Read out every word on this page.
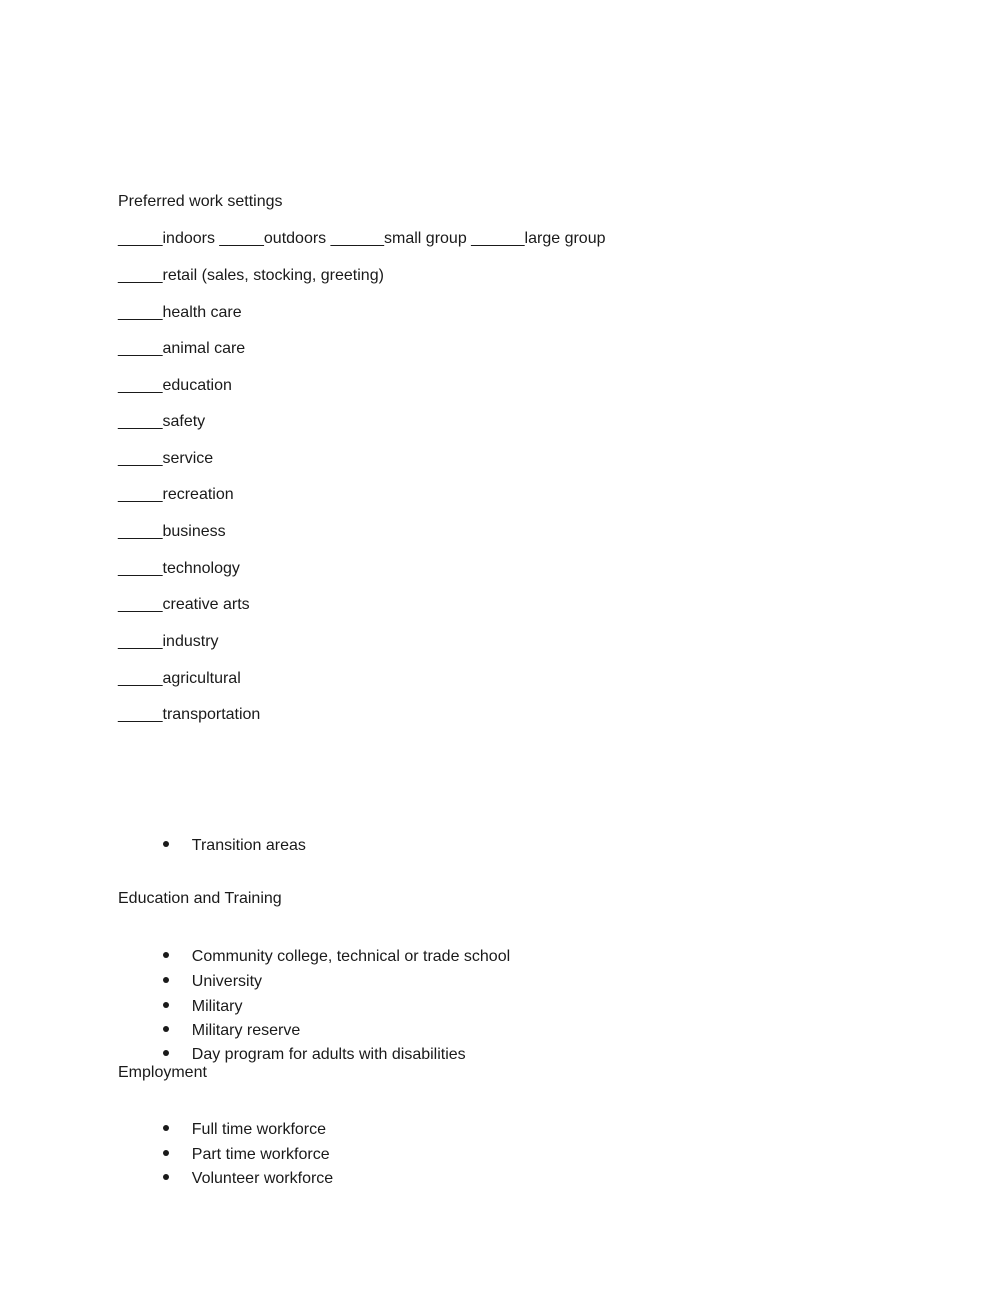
Preferred work settings
_____indoors _____outdoors ______small group ______large group
_____retail (sales, stocking, greeting)
_____health care
_____animal care
_____education
_____safety
_____service
_____recreation
_____business
_____technology
_____creative arts
_____industry
_____agricultural
_____transportation

Transition areas

Education and Training

Community college, technical or trade school

University

Military

Military reserve

Day program for adults with disabilities

Employment

Full time workforce

Part time workforce

Volunteer workforce
